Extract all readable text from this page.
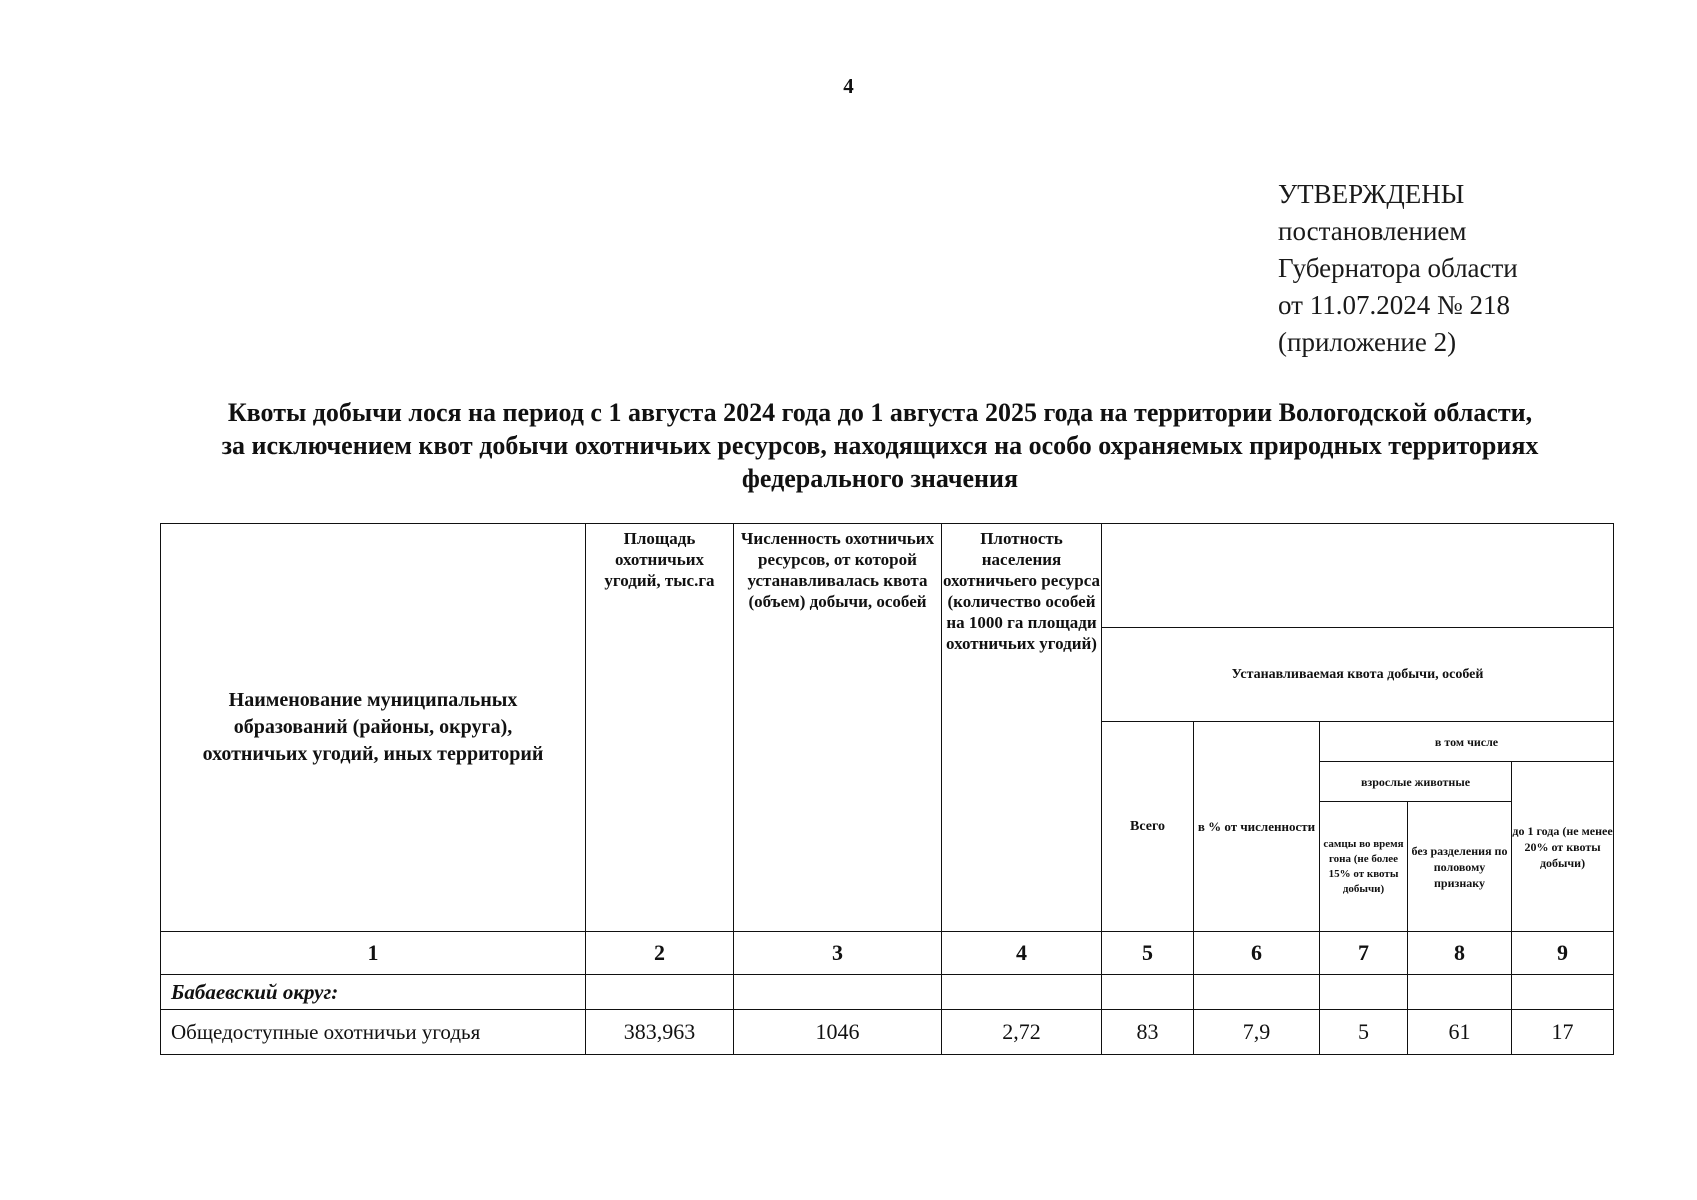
4
УТВЕРЖДЕНЫ
постановлением
Губернатора области
от 11.07.2024 № 218
(приложение 2)
Квоты добычи лося на период с 1 августа 2024 года до 1 августа 2025 года на территории Вологодской области,
за исключением квот добычи охотничьих ресурсов, находящихся на особо охраняемых природных территориях
федерального значения
Наименование муниципальных образований (районы, округа), охотничьих угодий, иных территорий	Площадь охотничьих угодий, тыс.га	Численность охотничьих ресурсов, от которой устанавливалась квота (объем) добычи, особей	Плотность населения охотничьего ресурса (количество особей на 1000 га площади охотничьих угодий)					
				Устанавливаемая квота добычи, особей				
				Всего	в % от численности	в том числе		
						взрослые животные		до 1 года (не менее 20% от квоты добычи)
						самцы во время гона (не более 15% от квоты добычи)	без разделения по половому признаку	
1	2	3	4	5	6	7	8	9
Бабаевский округ:								
Общедоступные охотничьи угодья	383,963	1046	2,72	83	7,9	5	61	17
